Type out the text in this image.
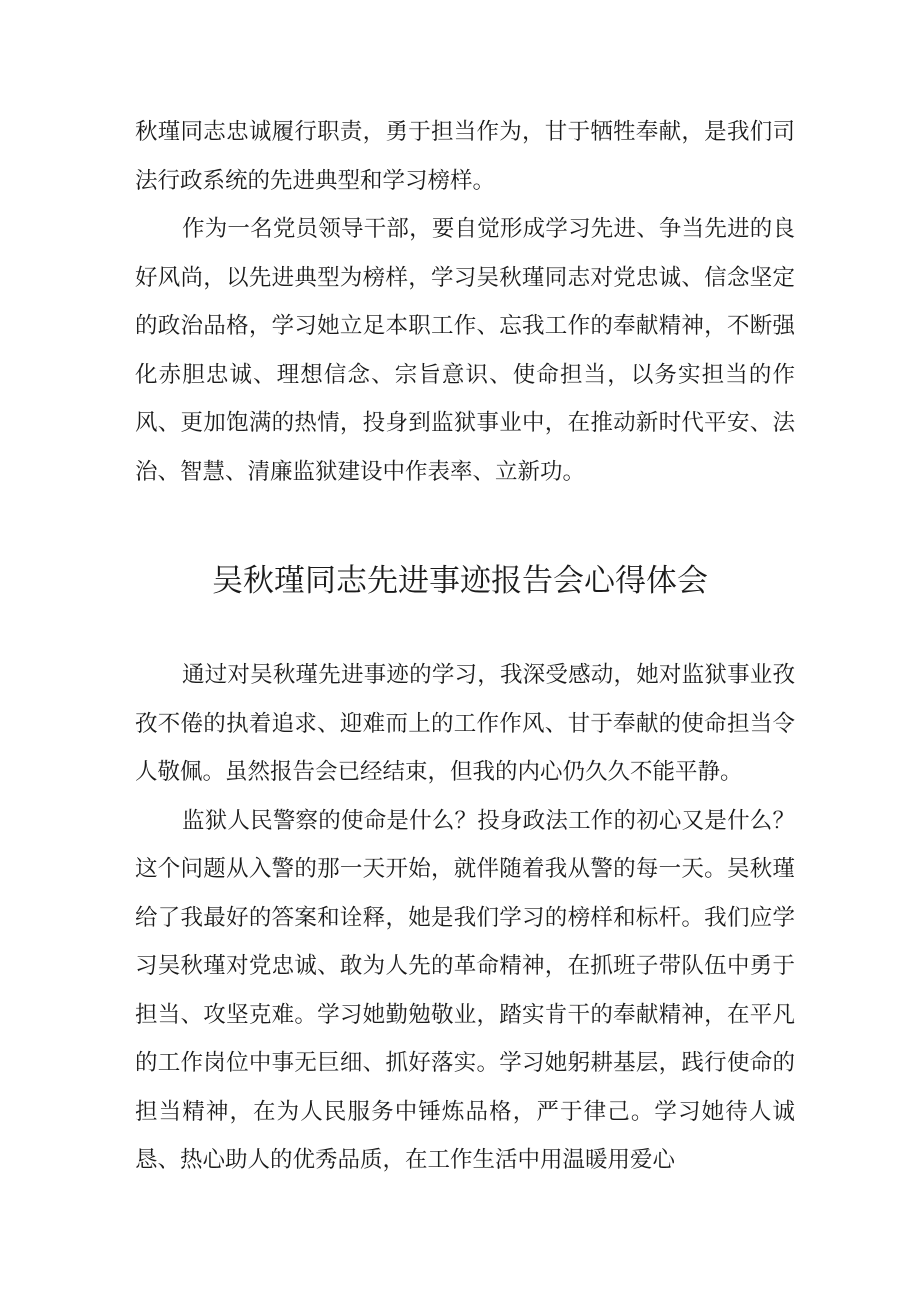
秋瑾同志忠诚履行职责，勇于担当作为，甘于牺牲奉献，是我们司法行政系统的先进典型和学习榜样。

作为一名党员领导干部，要自觉形成学习先进、争当先进的良好风尚，以先进典型为榜样，学习吴秋瑾同志对党忠诚、信念坚定的政治品格，学习她立足本职工作、忘我工作的奉献精神，不断强化赤胆忠诚、理想信念、宗旨意识、使命担当，以务实担当的作风、更加饱满的热情，投身到监狱事业中，在推动新时代平安、法治、智慧、清廉监狱建设中作表率、立新功。

吴秋瑾同志先进事迹报告会心得体会

通过对吴秋瑾先进事迹的学习，我深受感动，她对监狱事业孜孜不倦的执着追求、迎难而上的工作作风、甘于奉献的使命担当令人敬佩。虽然报告会已经结束，但我的内心仍久久不能平静。

监狱人民警察的使命是什么？投身政法工作的初心又是什么？这个问题从入警的那一天开始，就伴随着我从警的每一天。吴秋瑾给了我最好的答案和诠释，她是我们学习的榜样和标杆。我们应学习吴秋瑾对党忠诚、敢为人先的革命精神，在抓班子带队伍中勇于担当、攻坚克难。学习她勤勉敬业，踏实肯干的奉献精神，在平凡的工作岗位中事无巨细、抓好落实。学习她躬耕基层，践行使命的担当精神，在为人民服务中锤炼品格，严于律己。学习她待人诚恳、热心助人的优秀品质，在工作生活中用温暖用爱心
